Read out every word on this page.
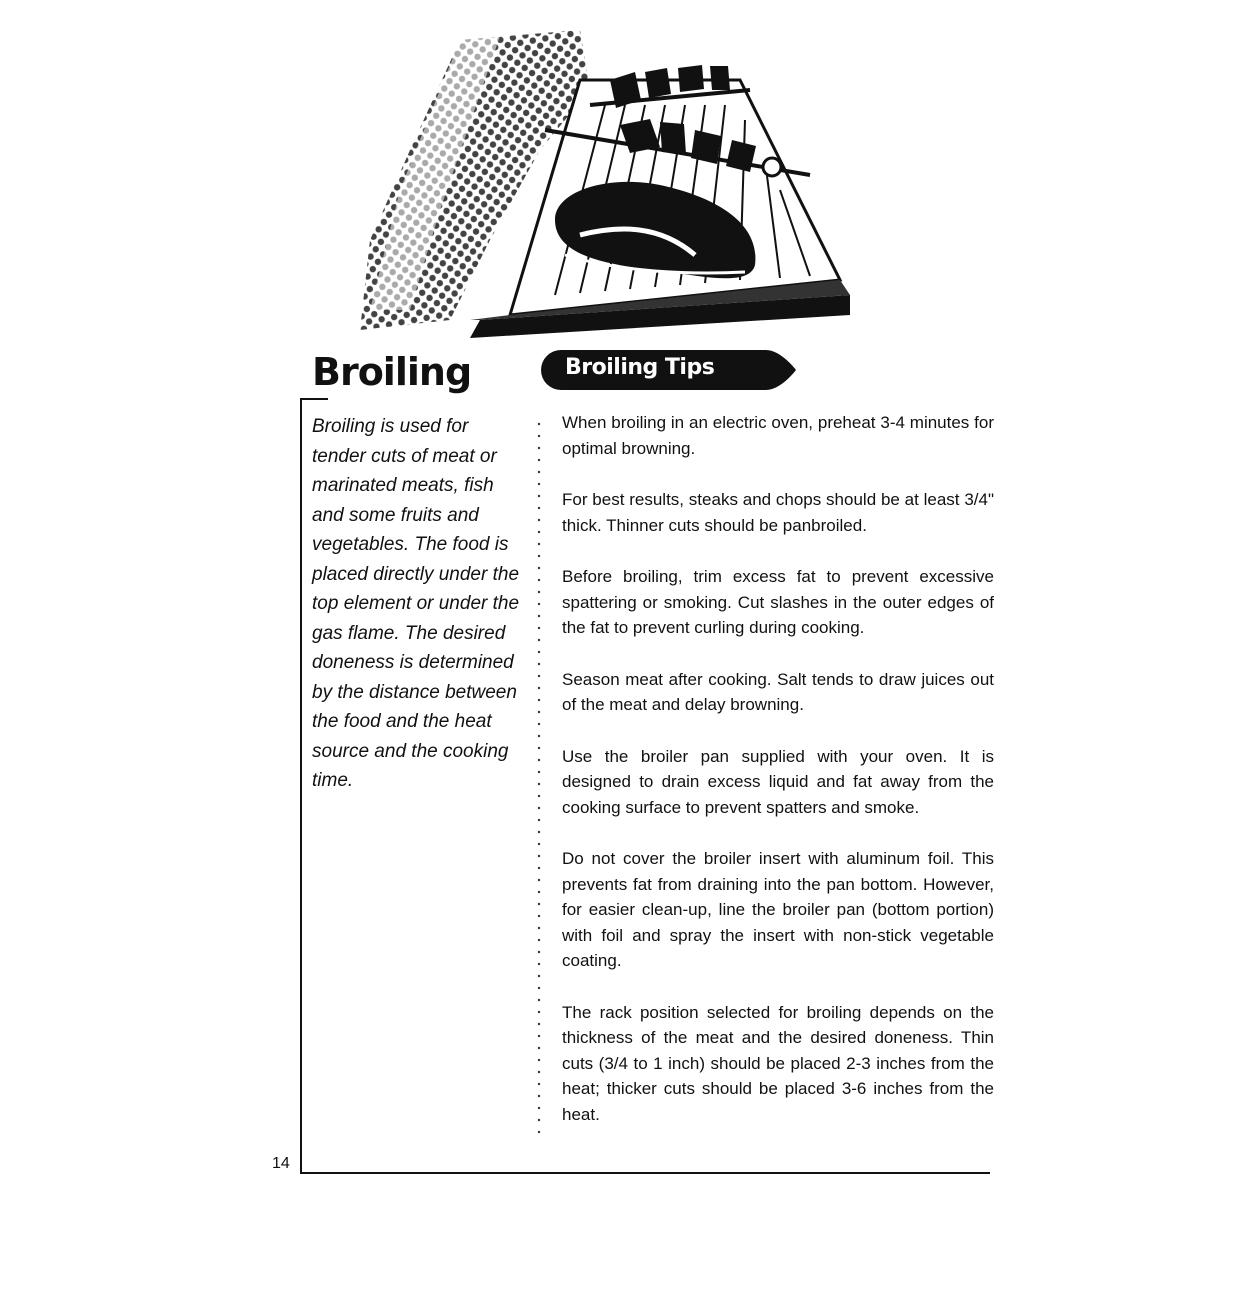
Broiling	Broiling Tips
14

Broiling is used for tender cuts of meat or marinated meats, fish and some fruits and vegetables. The food is placed directly under the top element or under the gas flame. The desired doneness is determined by the distance between the food and the heat source and the cooking time.

When broiling in an electric oven, preheat 3-4 minutes for optimal browning.

For best results, steaks and chops should be at least 3/4" thick. Thinner cuts should be panbroiled.

Before broiling, trim excess fat to prevent excessive spattering or smoking. Cut slashes in the outer edges of the fat to prevent curling during cooking.

Season meat after cooking. Salt tends to draw juices out of the meat and delay browning.

Use the broiler pan supplied with your oven. It is designed to drain excess liquid and fat away from the cooking surface to prevent spatters and smoke.

Do not cover the broiler insert with aluminum foil. This prevents fat from draining into the pan bottom. However, for easier clean-up, line the broiler pan (bottom portion) with foil and spray the insert with non-stick vegetable coating.

The rack position selected for broiling depends on the thickness of the meat and the desired doneness. Thin cuts (3/4 to 1 inch) should be placed 2-3 inches from the heat; thicker cuts should be placed 3-6 inches from the heat.
